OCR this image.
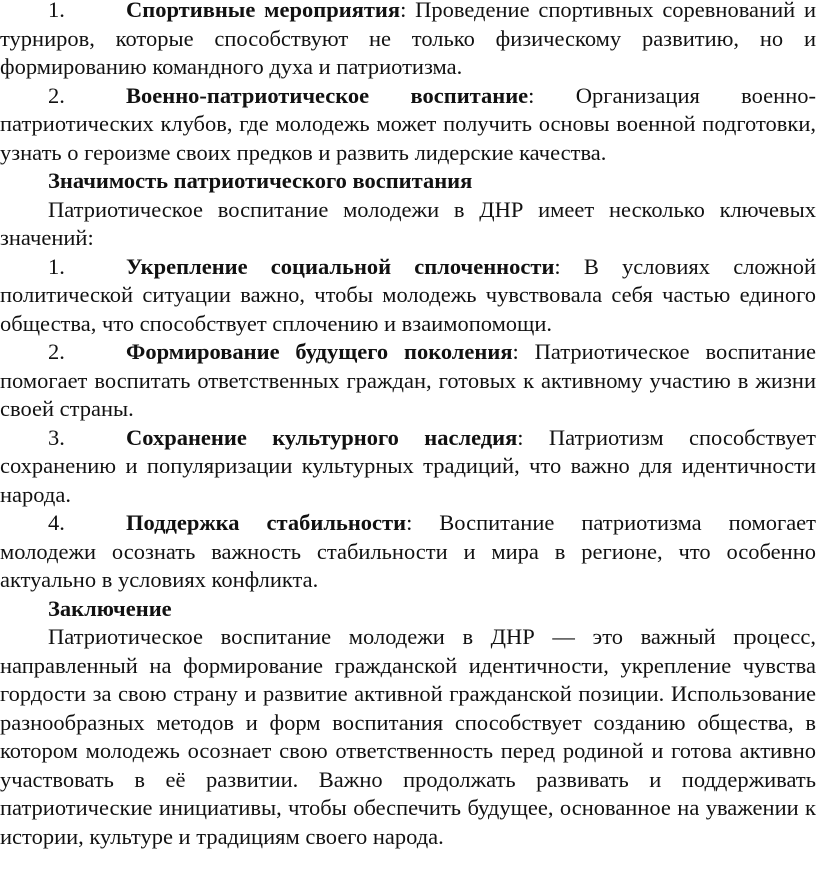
1.	Спортивные мероприятия: Проведение спортивных соревнований и турниров, которые способствуют не только физическому развитию, но и формированию командного духа и патриотизма.

2.	Военно-патриотическое воспитание: Организация военно-патриотических клубов, где молодежь может получить основы военной подготовки, узнать о героизме своих предков и развить лидерские качества.

Значимость патриотического воспитания

Патриотическое воспитание молодежи в ДНР имеет несколько ключевых значений:

1.	Укрепление социальной сплоченности: В условиях сложной политической ситуации важно, чтобы молодежь чувствовала себя частью единого общества, что способствует сплочению и взаимопомощи.

2.	Формирование будущего поколения: Патриотическое воспитание помогает воспитать ответственных граждан, готовых к активному участию в жизни своей страны.

3.	Сохранение культурного наследия: Патриотизм способствует сохранению и популяризации культурных традиций, что важно для идентичности народа.

4.	Поддержка стабильности: Воспитание патриотизма помогает молодежи осознать важность стабильности и мира в регионе, что особенно актуально в условиях конфликта.

Заключение

Патриотическое воспитание молодежи в ДНР — это важный процесс, направленный на формирование гражданской идентичности, укрепление чувства гордости за свою страну и развитие активной гражданской позиции. Использование разнообразных методов и форм воспитания способствует созданию общества, в котором молодежь осознает свою ответственность перед родиной и готова активно участвовать в её развитии. Важно продолжать развивать и поддерживать патриотические инициативы, чтобы обеспечить будущее, основанное на уважении к истории, культуре и традициям своего народа.
